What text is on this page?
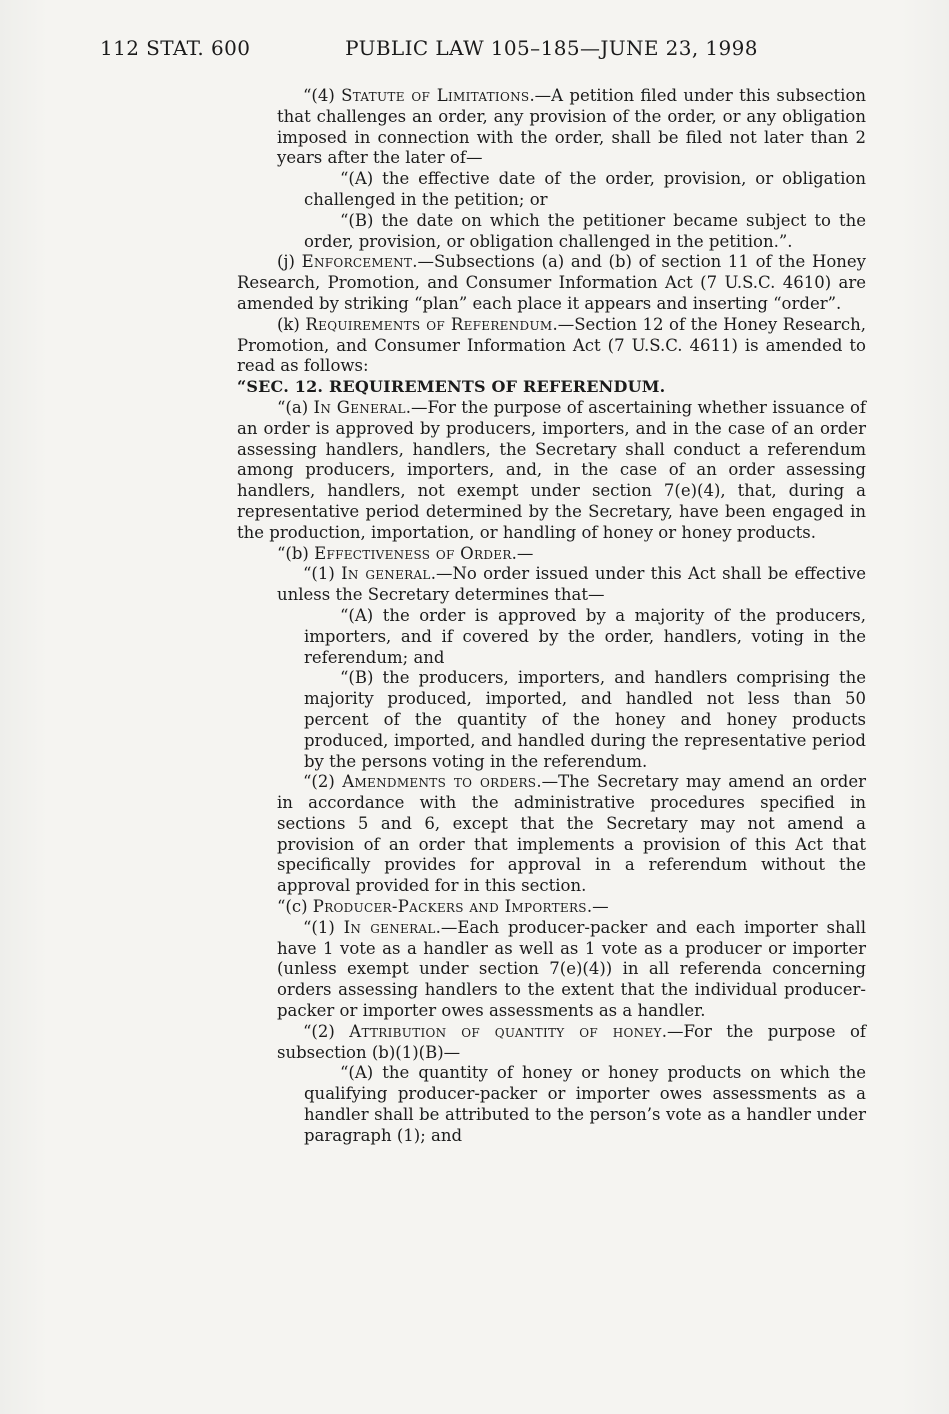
112 STAT. 600	PUBLIC LAW 105–185—JUNE 23, 1998

“(4) Statute of Limitations.—A petition filed under this subsection that challenges an order, any provision of the order, or any obligation imposed in connection with the order, shall be filed not later than 2 years after the later of—

“(A) the effective date of the order, provision, or obligation challenged in the petition; or

“(B) the date on which the petitioner became subject to the order, provision, or obligation challenged in the petition.”.

(j) Enforcement.—Subsections (a) and (b) of section 11 of the Honey Research, Promotion, and Consumer Information Act (7 U.S.C. 4610) are amended by striking “plan” each place it appears and inserting “order”.

(k) Requirements of Referendum.—Section 12 of the Honey Research, Promotion, and Consumer Information Act (7 U.S.C. 4611) is amended to read as follows:

“SEC. 12. REQUIREMENTS OF REFERENDUM.

“(a) In General.—For the purpose of ascertaining whether issuance of an order is approved by producers, importers, and in the case of an order assessing handlers, handlers, the Secretary shall conduct a referendum among producers, importers, and, in the case of an order assessing handlers, handlers, not exempt under section 7(e)(4), that, during a representative period determined by the Secretary, have been engaged in the production, importation, or handling of honey or honey products.

“(b) Effectiveness of Order.—

“(1) In general.—No order issued under this Act shall be effective unless the Secretary determines that—

“(A) the order is approved by a majority of the producers, importers, and if covered by the order, handlers, voting in the referendum; and

“(B) the producers, importers, and handlers comprising the majority produced, imported, and handled not less than 50 percent of the quantity of the honey and honey products produced, imported, and handled during the representative period by the persons voting in the referendum.

“(2) Amendments to orders.—The Secretary may amend an order in accordance with the administrative procedures specified in sections 5 and 6, except that the Secretary may not amend a provision of an order that implements a provision of this Act that specifically provides for approval in a referendum without the approval provided for in this section.

“(c) Producer-Packers and Importers.—

“(1) In general.—Each producer-packer and each importer shall have 1 vote as a handler as well as 1 vote as a producer or importer (unless exempt under section 7(e)(4)) in all referenda concerning orders assessing handlers to the extent that the individual producer-packer or importer owes assessments as a handler.

“(2) Attribution of quantity of honey.—For the purpose of subsection (b)(1)(B)—

“(A) the quantity of honey or honey products on which the qualifying producer-packer or importer owes assessments as a handler shall be attributed to the person’s vote as a handler under paragraph (1); and
